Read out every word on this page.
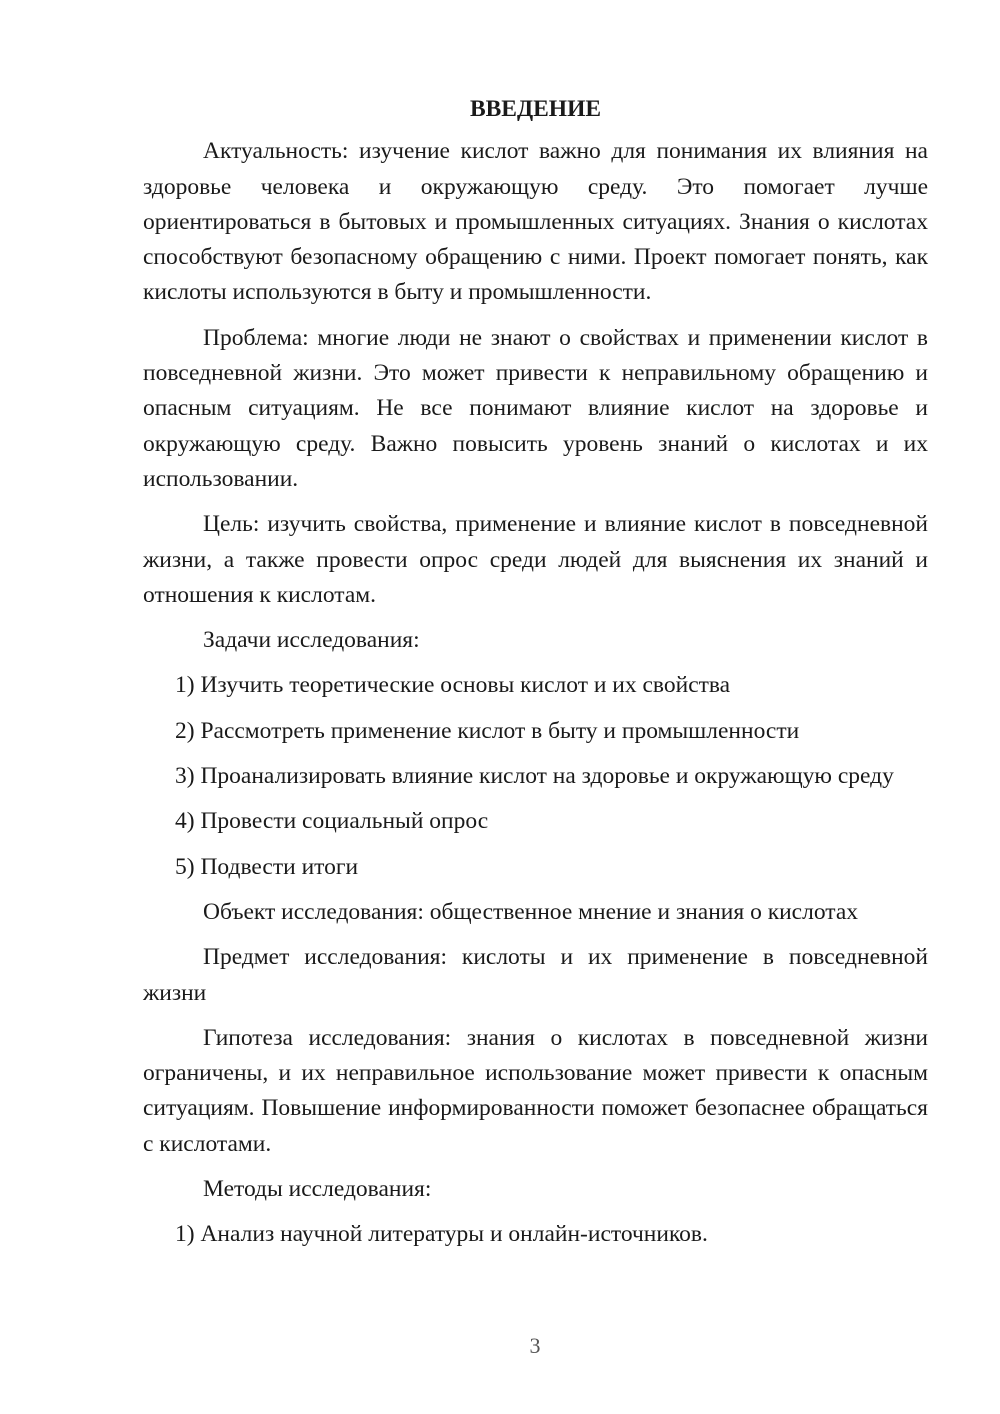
ВВЕДЕНИЕ

Актуальность: изучение кислот важно для понимания их влияния на здоровье человека и окружающую среду. Это помогает лучше ориентироваться в бытовых и промышленных ситуациях. Знания о кислотах способствуют безопасному обращению с ними. Проект помогает понять, как кислоты используются в быту и промышленности.

Проблема: многие люди не знают о свойствах и применении кислот в повседневной жизни. Это может привести к неправильному обращению и опасным ситуациям. Не все понимают влияние кислот на здоровье и окружающую среду. Важно повысить уровень знаний о кислотах и их использовании.

Цель: изучить свойства, применение и влияние кислот в повседневной жизни, а также провести опрос среди людей для выяснения их знаний и отношения к кислотам.

Задачи исследования:

1) Изучить теоретические основы кислот и их свойства

2) Рассмотреть применение кислот в быту и промышленности

3) Проанализировать влияние кислот на здоровье и окружающую среду

4) Провести социальный опрос

5) Подвести итоги

Объект исследования: общественное мнение и знания о кислотах

Предмет исследования: кислоты и их применение в повседневной жизни

Гипотеза исследования: знания о кислотах в повседневной жизни ограничены, и их неправильное использование может привести к опасным ситуациям. Повышение информированности поможет безопаснее обращаться с кислотами.

Методы исследования:

1) Анализ научной литературы и онлайн-источников.

3
